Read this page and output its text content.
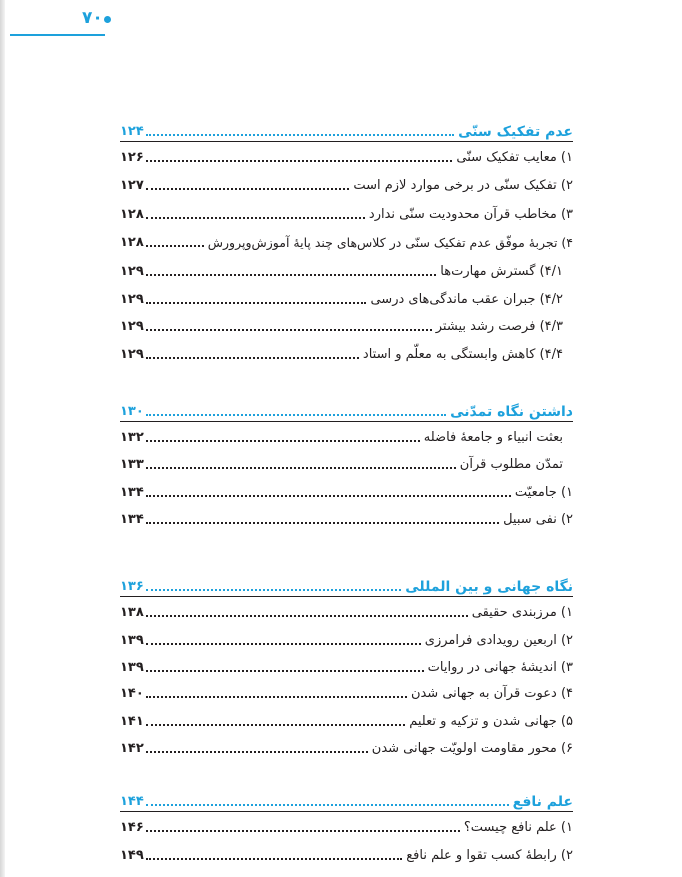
۷۰
عدم تفکیک سنّی
۱۲۴
۱) معایب تفکیک سنّی
۱۲۶
۲) تفکیک سنّی در برخی موارد لازم است
۱۲۷
۳) مخاطب قرآن محدودیت سنّی ندارد
۱۲۸
۴) تجربهٔ موفّق عدم تفکیک سنّی در کلاس‌های چند پایهٔ آموزش‌وپرورش
۱۲۸
۴/۱) گسترش مهارت‌ها
۱۲۹
۴/۲) جبران عقب ماندگی‌های درسی
۱۲۹
۴/۳) فرصت رشد بیشتر
۱۲۹
۴/۴) کاهش وابستگی به معلّم و استاد
۱۲۹
داشتن نگاه تمدّنی
۱۳۰
بعثت انبیاء و جامعهٔ فاضله
۱۳۲
تمدّن مطلوب قرآن
۱۳۳
۱) جامعیّت
۱۳۴
۲) نفی سبیل
۱۳۴
نگاه جهانی و بین المللی
۱۳۶
۱) مرزبندی حقیقی
۱۳۸
۲) اربعین رویدادی فرامرزی
۱۳۹
۳) اندیشهٔ جهانی در روایات
۱۳۹
۴) دعوت قرآن به جهانی شدن
۱۴۰
۵) جهانی شدن و تزکیه و تعلیم
۱۴۱
۶) محور مقاومت اولویّت جهانی شدن
۱۴۲
علم نافع
۱۴۴
۱) علم نافع چیست؟
۱۴۶
۲) رابطهٔ کسب تقوا و علم نافع
۱۴۹
